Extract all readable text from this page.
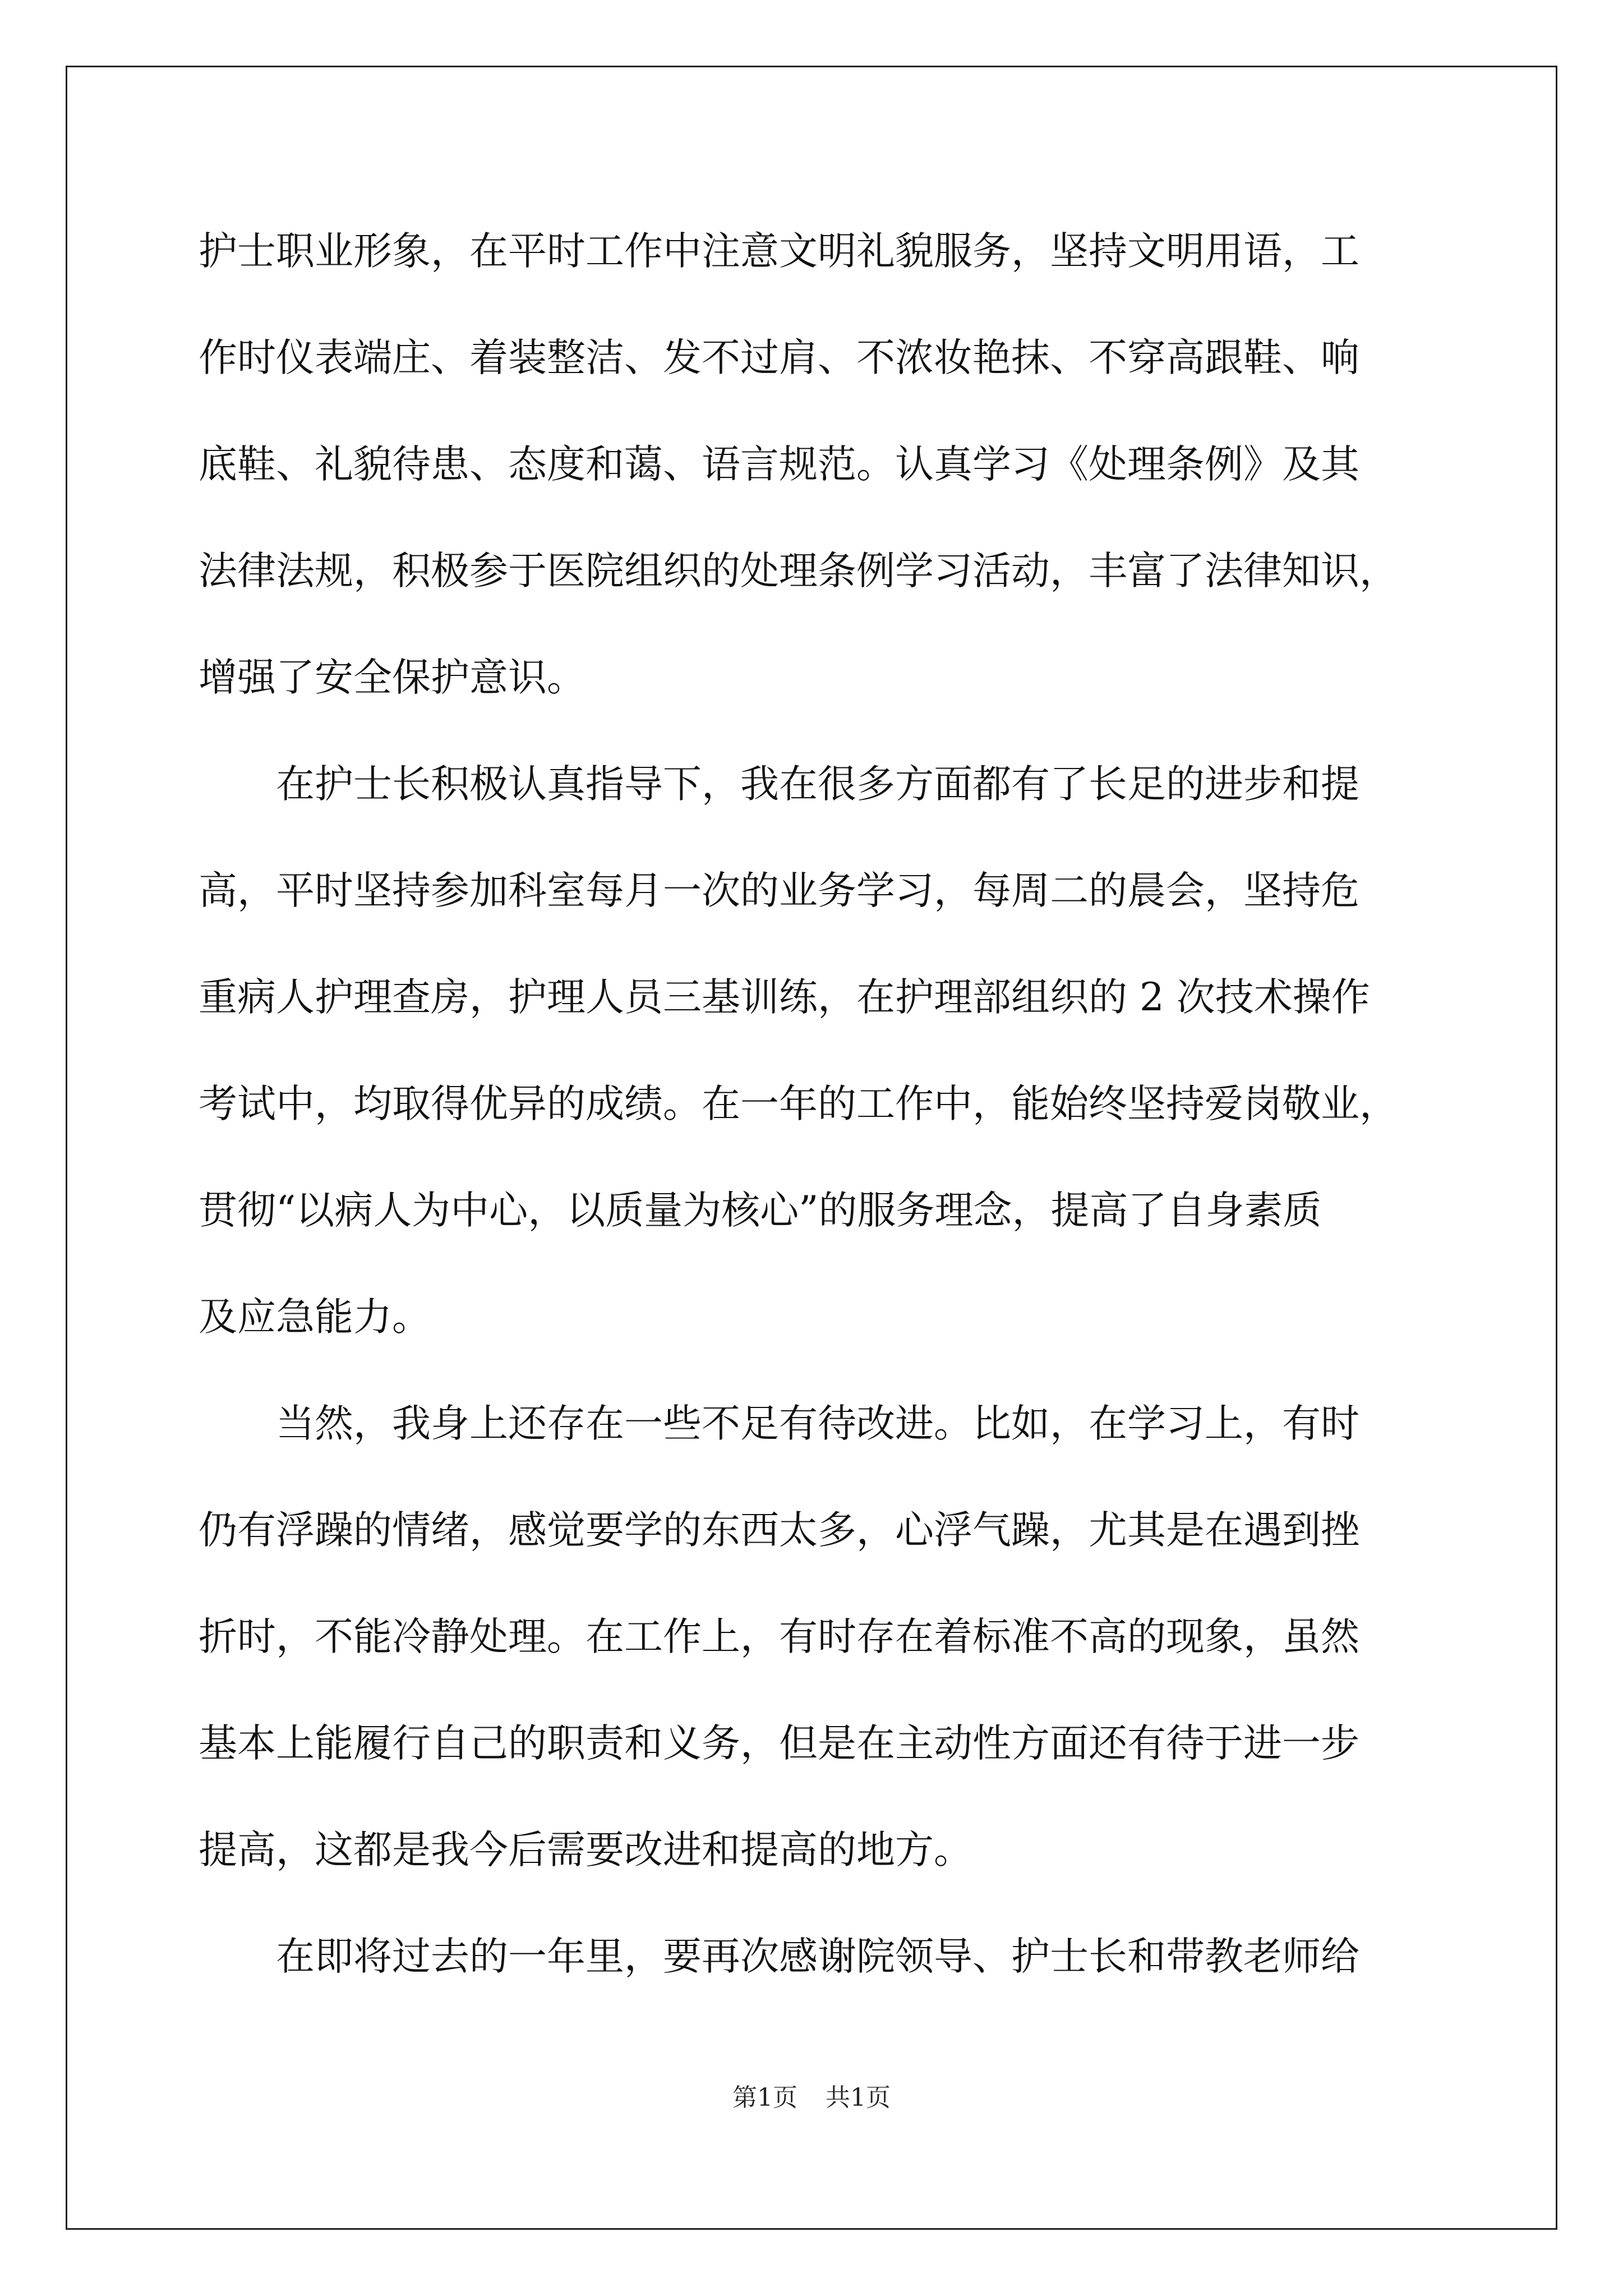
护士职业形象，在平时工作中注意文明礼貌服务，坚持文明用语，工
作时仪表端庄、着装整洁、发不过肩、不浓妆艳抹、不穿高跟鞋、响
底鞋、礼貌待患、态度和蔼、语言规范。认真学习《处理条例》及其
法律法规，积极参于医院组织的处理条例学习活动，丰富了法律知识，
增强了安全保护意识。
在护士长积极认真指导下，我在很多方面都有了长足的进步和提
高，平时坚持参加科室每月一次的业务学习，每周二的晨会，坚持危
重病人护理查房，护理人员三基训练，在护理部组织的 2 次技术操作
考试中，均取得优异的成绩。在一年的工作中，能始终坚持爱岗敬业，
贯彻“以病人为中心，以质量为核心”的服务理念，提高了自身素质
及应急能力。
当然，我身上还存在一些不足有待改进。比如，在学习上，有时
仍有浮躁的情绪，感觉要学的东西太多，心浮气躁，尤其是在遇到挫
折时，不能冷静处理。在工作上，有时存在着标准不高的现象，虽然
基本上能履行自己的职责和义务，但是在主动性方面还有待于进一步
提高，这都是我今后需要改进和提高的地方。
在即将过去的一年里，要再次感谢院领导、护士长和带教老师给
第1页 共1页
